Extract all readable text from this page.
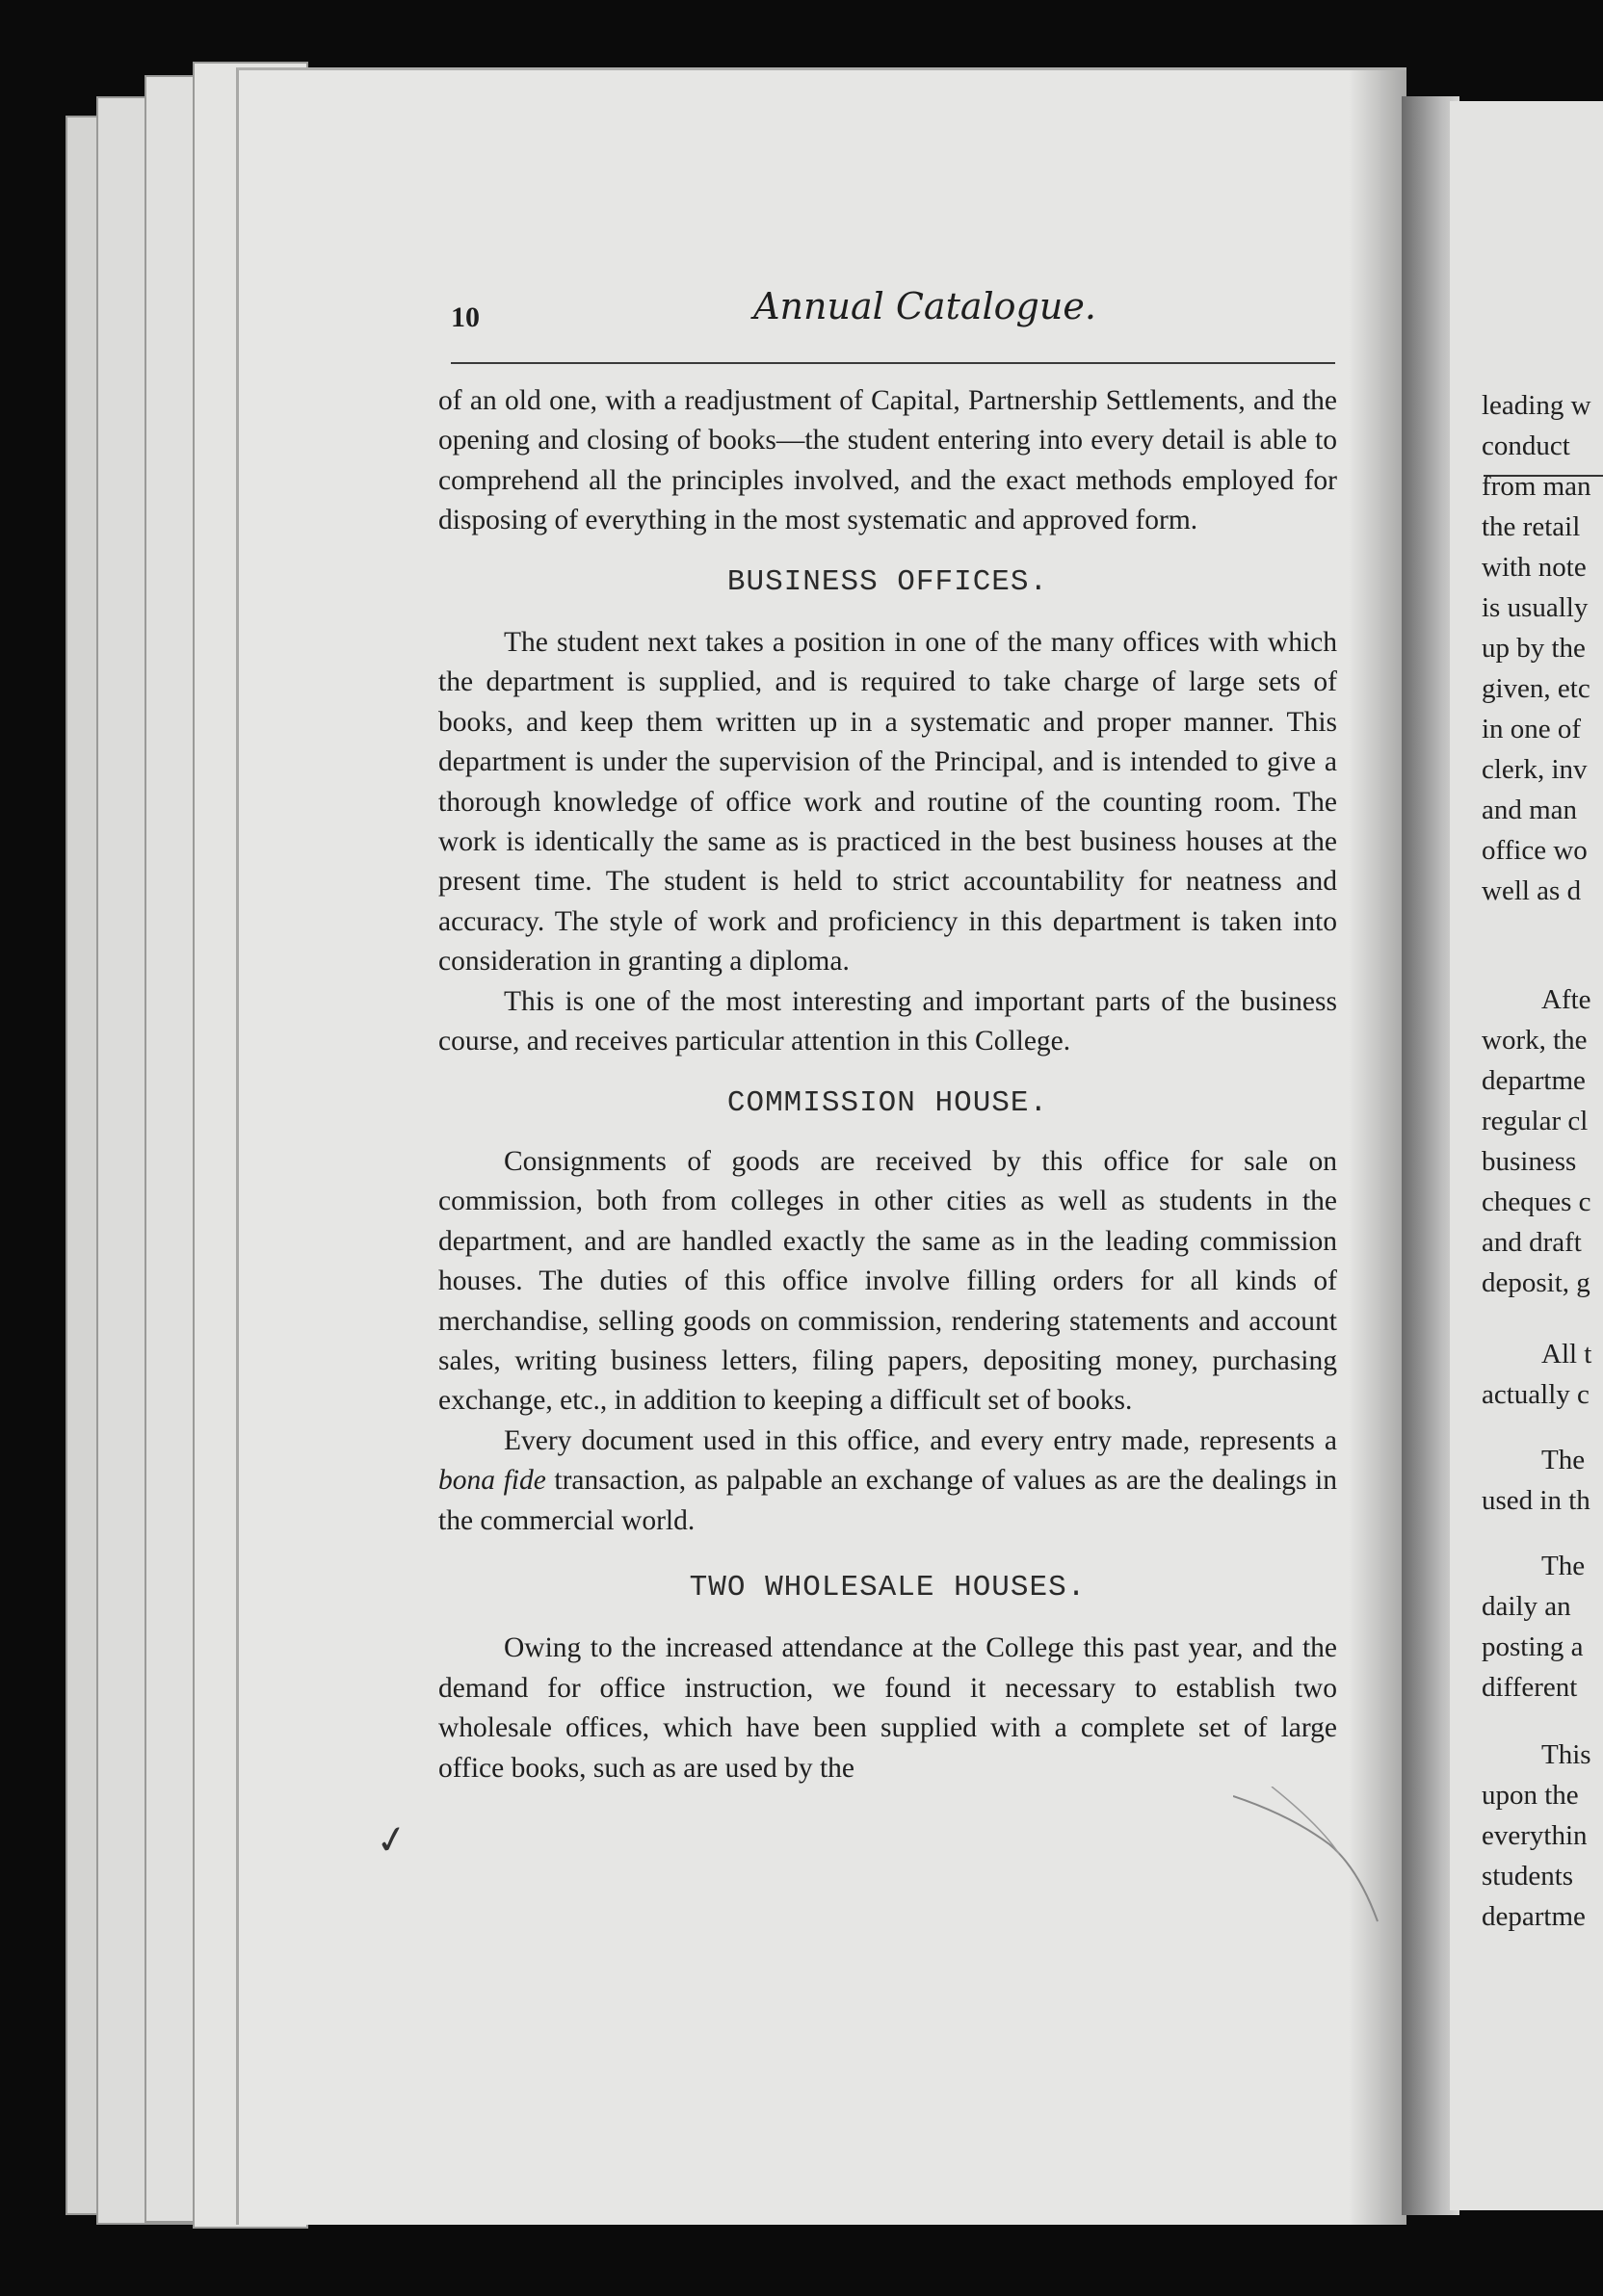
leading w
conduct
from man
the retail
with note
is usually
up by the
given, etc
in one of
clerk, inv
and man
office wo
well as d
Afte
work, the
departme
regular cl
business
cheques c
and draft
deposit, g
All t
actually c
The
used in th
The
daily an
posting a
different
This
upon the
everythin
students
departme
10	Annual Catalogue.

of an old one, with a readjustment of Capital, Partnership Settlements, and the opening and closing of books—the student entering into every detail is able to comprehend all the principles involved, and the exact methods employed for disposing of everything in the most systematic and approved form.

BUSINESS OFFICES.

The student next takes a position in one of the many offices with which the department is supplied, and is required to take charge of large sets of books, and keep them written up in a systematic and proper manner. This department is under the supervision of the Principal, and is intended to give a thorough knowledge of office work and routine of the counting room. The work is identically the same as is practiced in the best business houses at the present time. The student is held to strict accountability for neatness and accuracy. The style of work and proficiency in this department is taken into consideration in granting a diploma.

This is one of the most interesting and important parts of the business course, and receives particular attention in this College.

COMMISSION HOUSE.

Consignments of goods are received by this office for sale on commission, both from colleges in other cities as well as students in the department, and are handled exactly the same as in the leading commission houses. The duties of this office involve filling orders for all kinds of merchandise, selling goods on commission, rendering statements and account sales, writing business letters, filing papers, depositing money, purchasing exchange, etc., in addition to keeping a difficult set of books.

Every document used in this office, and every entry made, represents a bona fide transaction, as palpable an exchange of values as are the dealings in the commercial world.

TWO WHOLESALE HOUSES.

Owing to the increased attendance at the College this past year, and the demand for office instruction, we found it necessary to establish two wholesale offices, which have been supplied with a complete set of large office books, such as are used by the

✓
